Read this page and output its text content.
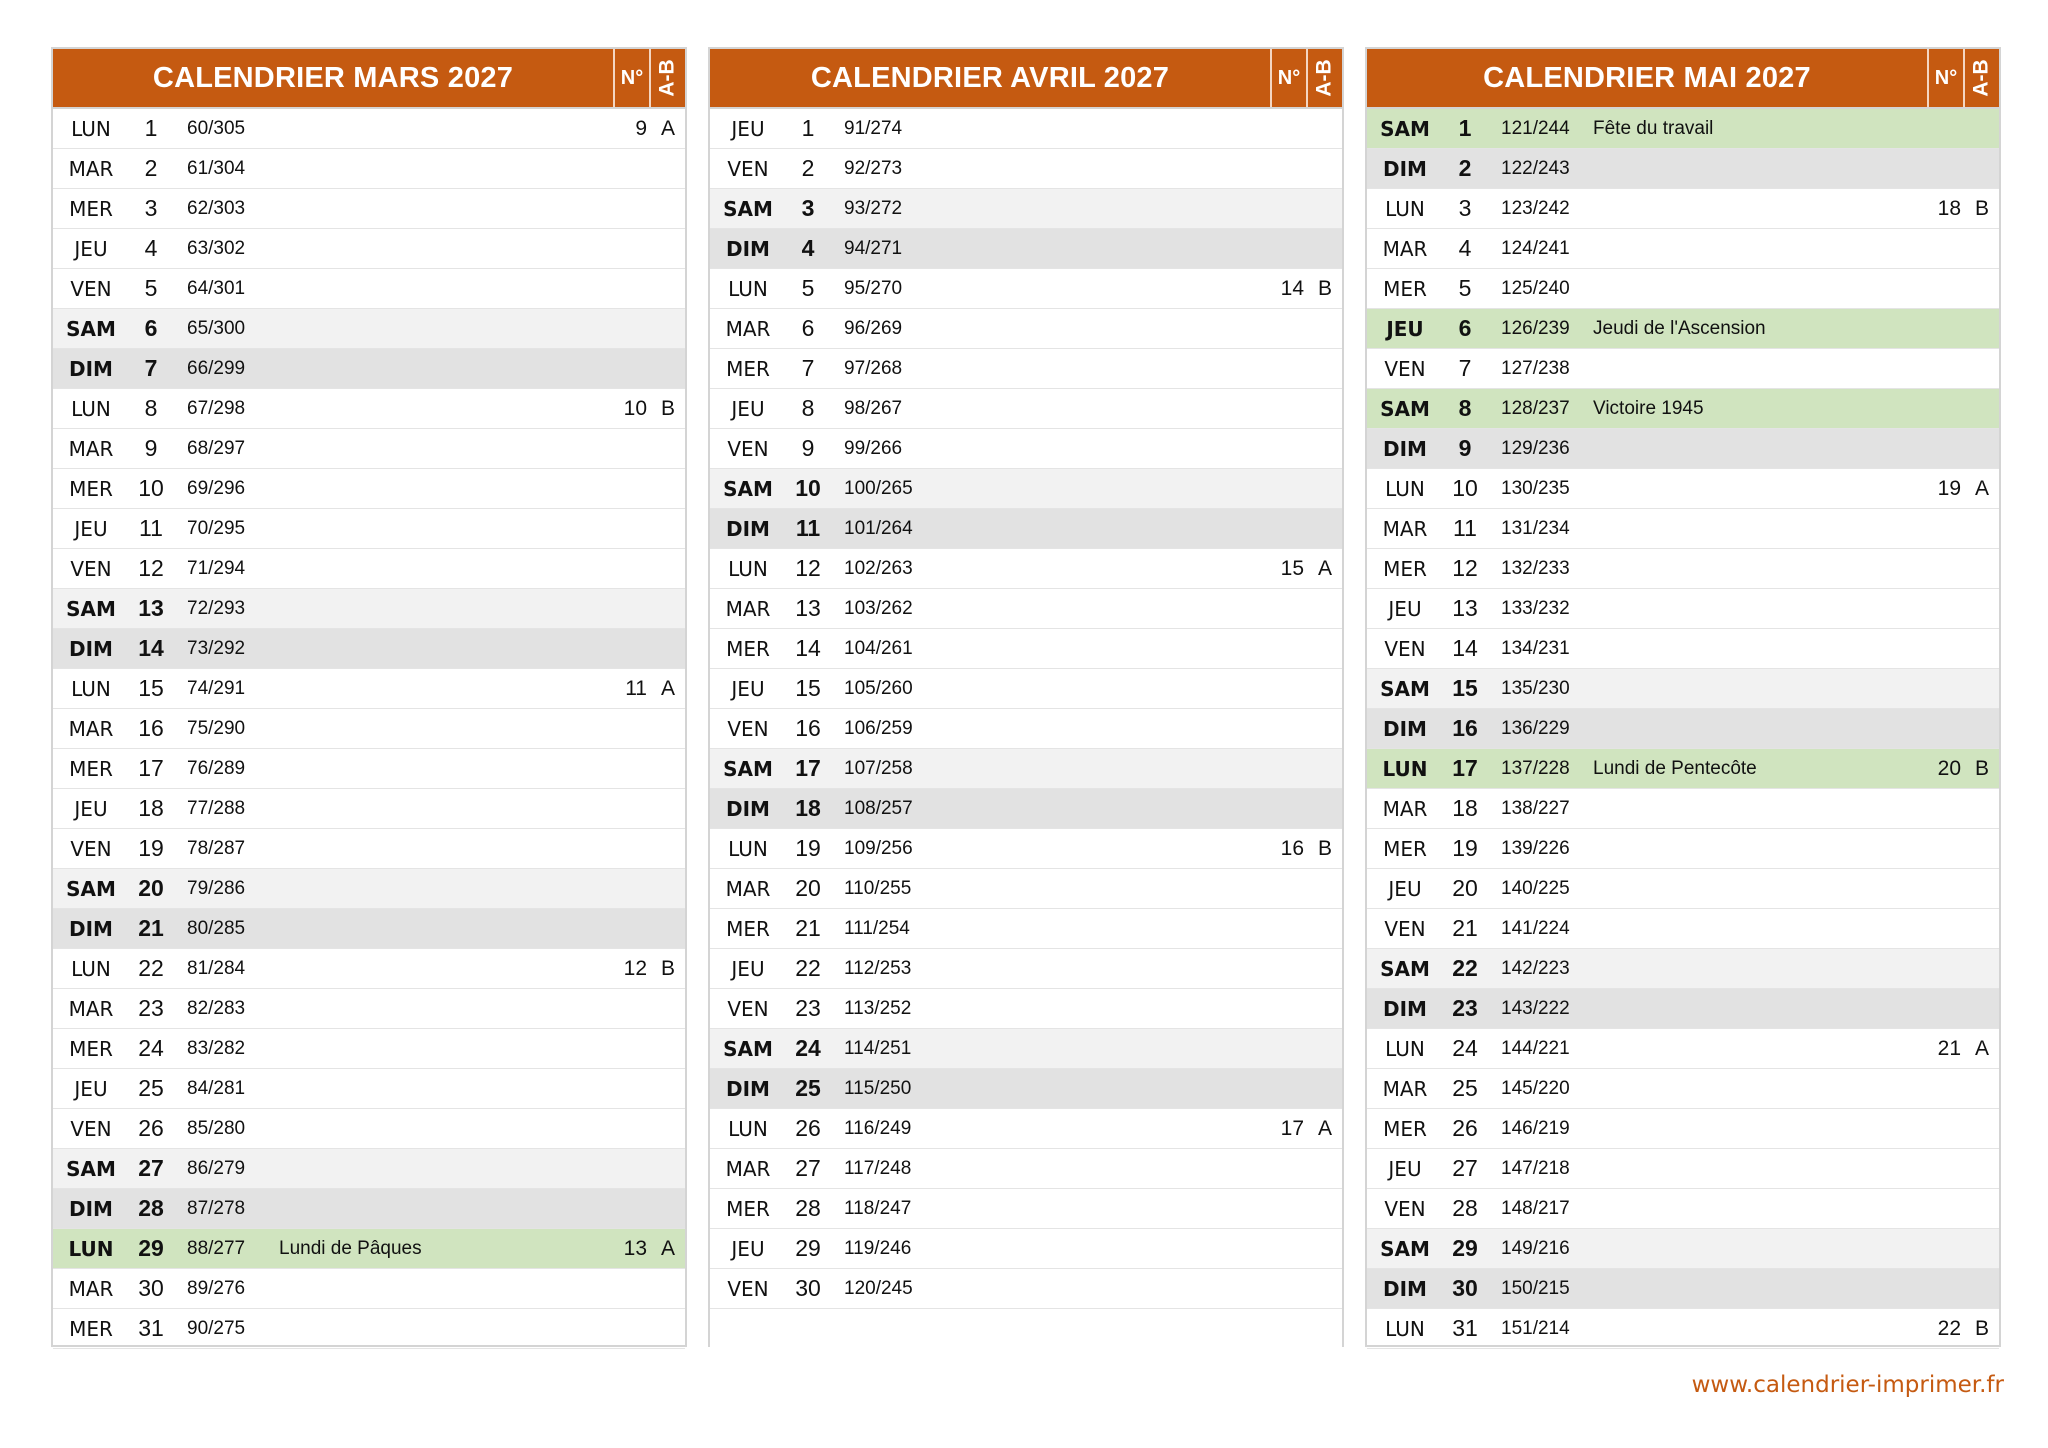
CALENDRIER MARS 2027	N° A-B
LUN	1	60/305	9 A
MAR	2	61/304
MER	3	62/303
JEU	4	63/302
VEN	5	64/301
SAM	6	65/300
DIM	7	66/299
LUN	8	67/298	10 B
MAR	9	68/297
MER	10	69/296
JEU	11	70/295
VEN	12	71/294
SAM 13	72/293
DIM	14	73/292
LUN	15	74/291	11 A
MAR	16	75/290
MER	17	76/289
JEU	18	77/288
VEN	19	78/287
SAM 20	79/286
DIM	21	80/285
LUN	22	81/284	12 B
MAR	23	82/283
MER	24	83/282
JEU	25	84/281
VEN	26	85/280
SAM 27	86/279
DIM	28	87/278
LUN	29	88/277	Lundi de Pâques	13 A
MAR	30	89/276
MER	31	90/275
CALENDRIER AVRIL 2027	N° A-B
JEU	1	91/274
VEN	2	92/273
SAM	3	93/272
DIM	4	94/271
LUN	5	95/270	14 B
MAR	6	96/269
MER	7	97/268
JEU	8	98/267
VEN	9	99/266
SAM 10	100/265
DIM	11	101/264
LUN	12	102/263	15 A
MAR	13	103/262
MER	14	104/261
JEU	15	105/260
VEN	16	106/259
SAM 17	107/258
DIM	18	108/257
LUN	19	109/256	16 B
MAR	20	110/255
MER	21	111/254
JEU	22	112/253
VEN	23	113/252
SAM 24	114/251
DIM	25	115/250
LUN	26	116/249	17 A
MAR	27	117/248
MER	28	118/247
JEU	29	119/246
VEN	30	120/245
CALENDRIER MAI 2027	N° A-B
SAM	1	121/244	Fête du travail
DIM	2	122/243
LUN	3	123/242	18 B
MAR	4	124/241
MER	5	125/240
JEU	6	126/239	Jeudi de l'Ascension
VEN	7	127/238
SAM	8	128/237	Victoire 1945
DIM	9	129/236
LUN	10	130/235	19 A
MAR	11	131/234
MER	12	132/233
JEU	13	133/232
VEN	14	134/231
SAM 15	135/230
DIM	16	136/229
LUN	17	137/228	Lundi de Pentecôte	20 B
MAR	18	138/227
MER	19	139/226
JEU	20	140/225
VEN	21	141/224
SAM 22	142/223
DIM	23	143/222
LUN	24	144/221	21 A
MAR	25	145/220
MER	26	146/219
JEU	27	147/218
VEN	28	148/217
SAM 29	149/216
DIM	30	150/215
LUN	31	151/214	22 B
www.calendrier-imprimer.fr
